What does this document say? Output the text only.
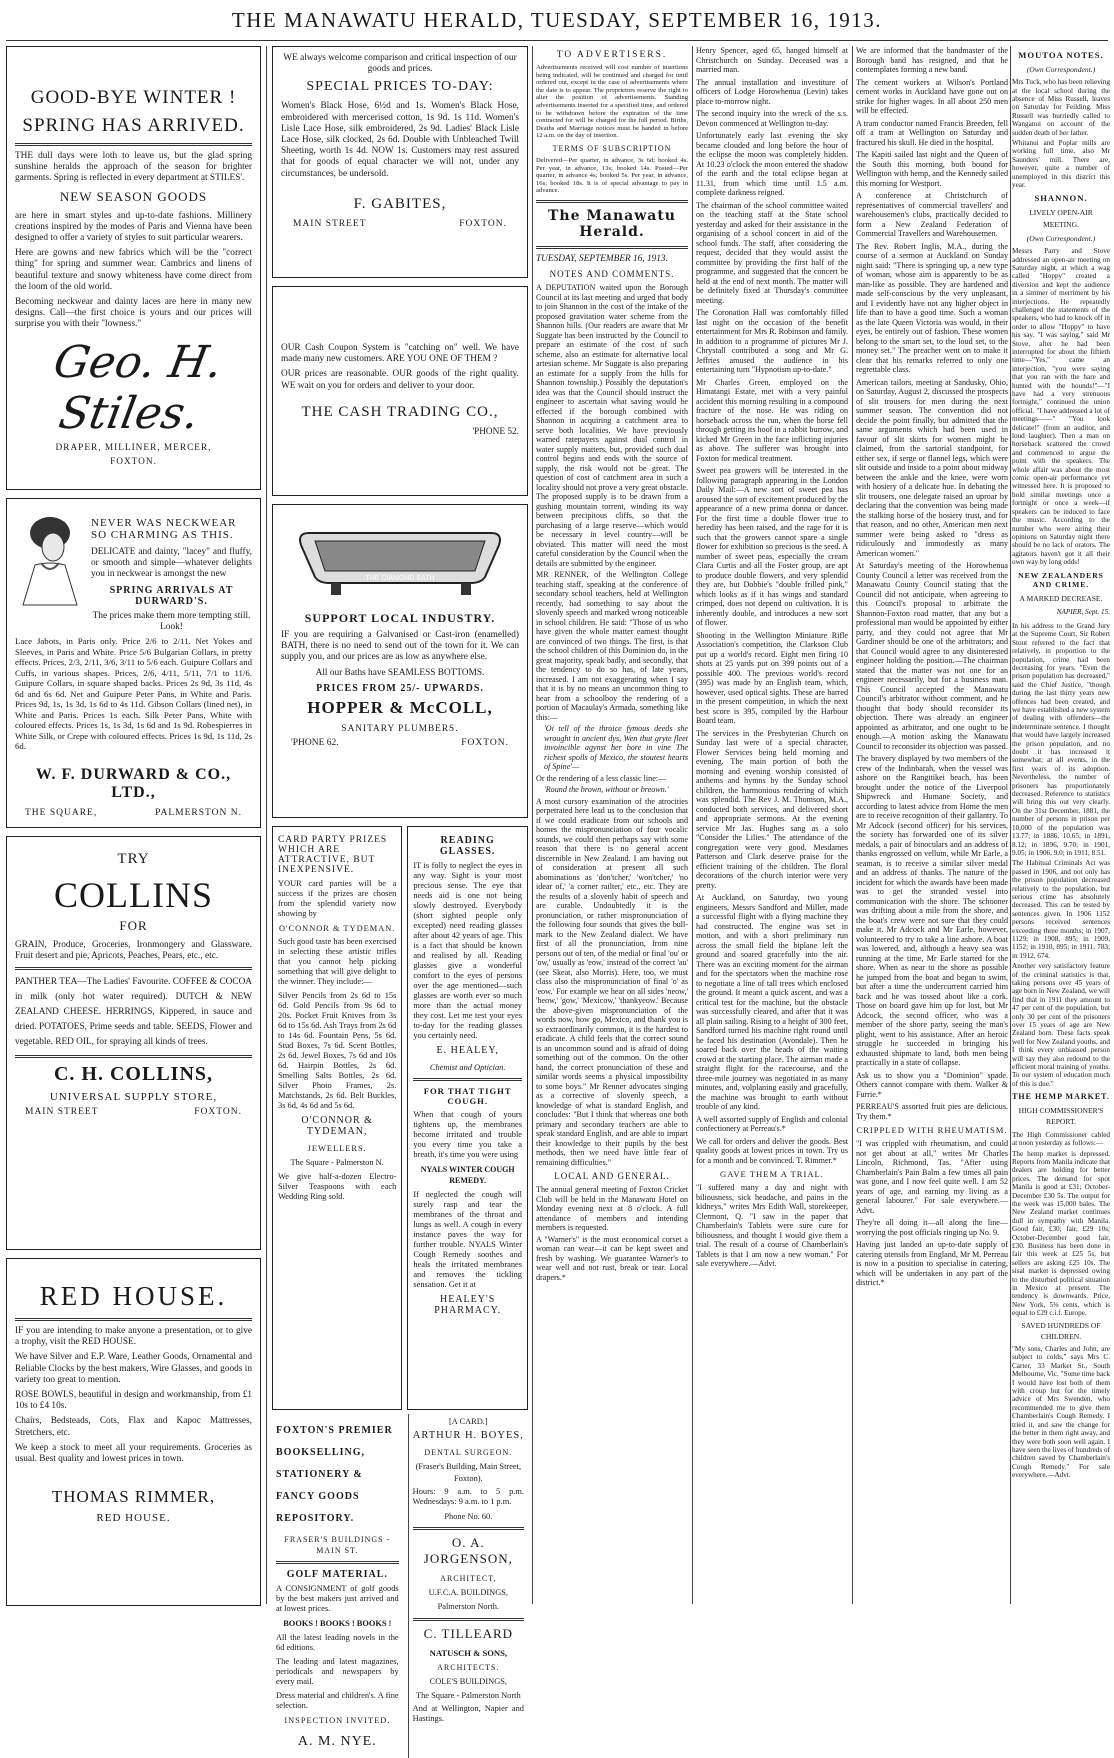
THE MANAWATU HERALD, TUESDAY, SEPTEMBER 16, 1913.
GOOD-BYE WINTER !
SPRING HAS ARRIVED.

THE dull days were loth to leave us, but the glad spring sunshine heralds the approach of the season for brighter garments. Spring is reflected in every department at STILES'.

NEW SEASON GOODS

are here in smart styles and up-to-date fashions. Millinery creations inspired by the modes of Paris and Vienna have been designed to offer a variety of styles to suit particular wearers.

Here are gowns and new fabrics which will be the "correct thing" for spring and summer wear. Cambrics and linens of beautiful texture and snowy whiteness have come direct from the loom of the old world.

Becoming neckwear and dainty laces are here in many new designs. Call—the first choice is yours and our prices will surprise you with their "lowness."

Geo. H. Stiles.
DRAPER, MILLINER, MERCER,
FOXTON.
NEVER WAS NECKWEAR SO CHARMING AS THIS.

DELICATE and dainty, "lacey" and fluffy, or smooth and simple—whatever delights you in neckwear is amongst the new

SPRING ARRIVALS AT DURWARD'S.

The prices make them more tempting still. Look!

Lace Jabots, in Paris only. Price 2/6 to 2/11. Net Yokes and Sleeves, in Paris and White. Price 5/6 Bulgarian Collars, in pretty effects. Prices, 2/3, 2/11, 3/6, 3/11 to 5/6 each. Guipure Collars and Cuffs, in various shapes. Prices, 2/6, 4/11, 5/11, 7/1 to 11/6. Guipure Collars, in square shaped backs. Prices 2s 9d, 3s 11d, 4s 6d and 6s 6d. Net and Guipure Peter Pans, in White and Paris. Prices 9d, 1s, 1s 3d, 1s 6d to 4s 11d. Gibson Collars (lined net), in White and Paris. Prices 1s each. Silk Peter Pans, White with coloured effects. Prices 1s, 1s 3d, 1s 6d and 1s 9d. Robespierres in White Silk, or Crepe with coloured effects. Prices 1s 9d, 1s 11d, 2s 6d.

W. F. DURWARD & CO., LTD.,
THE SQUARE,	PALMERSTON N.
TRY
COLLINS
FOR

GRAIN, Produce, Groceries, Ironmongery and Glassware. Fruit desert and pie, Apricots, Peaches, Pears, etc., etc.

PANTHER TEA—The Ladies' Favourite. COFFEE & COCOA in milk (only hot water required). DUTCH & NEW ZEALAND CHEESE. HERRINGS, Kippered, in sauce and dried. POTATOES, Prime seeds and table. SEEDS, Flower and vegetable. RED OIL, for spraying all kinds of trees.

C. H. COLLINS,
UNIVERSAL SUPPLY STORE,
MAIN STREET	FOXTON.
RED HOUSE.

IF you are intending to make anyone a presentation, or to give a trophy, visit the RED HOUSE.

We have Silver and E.P. Ware, Leather Goods, Ornamental and Reliable Clocks by the best makers, Wire Glasses, and goods in variety too great to mention.

ROSE BOWLS, beautiful in design and workmanship, from £1 10s to £4 10s.

Chairs, Bedsteads, Cots, Flax and Kapoc Mattresses, Stretchers, etc.

We keep a stock to meet all your requirements. Groceries as usual. Best quality and lowest prices in town.

THOMAS RIMMER,
RED HOUSE.

WE always welcome comparison and critical inspection of our goods and prices.

SPECIAL PRICES TO-DAY:

Women's Black Hose, 6½d and 1s. Women's Black Hose, embroidered with mercerised cotton, 1s 9d. 1s 11d. Women's Lisle Lace Hose, silk embroidered, 2s 9d. Ladies' Black Lisle Lace Hose, silk clocked, 2s 6d. Double with Unbleached Twill Sheeting, worth 1s 4d. NOW 1s. Customers may rest assured that for goods of equal character we will not, under any circumstances, be undersold.

F. GABITES,
MAIN STREET	FOXTON.

OUR Cash Coupon System is "catching on" well. We have made many new customers. ARE YOU ONE OF THEM ?

OUR prices are reasonable. OUR goods of the right quality. WE wait on you for orders and deliver to your door.

THE CASH TRADING CO.,
'PHONE 52.
THE DIAMOND BATH
SUPPORT LOCAL INDUSTRY.

IF you are requiring a Galvanised or Cast-iron (enamelled) BATH, there is no need to send out of the town for it. We can supply you, and our prices are as low as anywhere else.

All our Baths have SEAMLESS BOTTOMS.

PRICES FROM 25/- UPWARDS.
HOPPER & McCOLL,
SANITARY PLUMBERS.
'PHONE 62.	FOXTON.
CARD PARTY PRIZES WHICH ARE ATTRACTIVE, BUT INEXPENSIVE.

YOUR card parties will be a success if the prizes are chosen from the splendid variety now showing by

O'CONNOR & TYDEMAN.

Such good taste has been exercised in selecting these artistic trifles that you cannot help picking something that will give delight to the winner. They include:—

Silver Pencils from 2s 6d to 15s 6d. Gold Pencils from 9s 6d to 20s. Pocket Fruit Knives from 3s 6d to 15s 6d. Ash Trays from 2s 6d to 14s 6d. Fountain Pens, 5s 6d. Stud Boxes, 7s 6d. Scent Bottles, 2s 6d. Jewel Boxes, 7s 6d and 10s 6d. Hairpin Bottles, 2s 6d. Smelling Salts Bottles, 2s 6d. Silver Photo Frames, 2s. Matchstands, 2s 6d. Belt Buckles, 3s 6d, 4s 6d and 5s 6d.

O'CONNOR & TYDEMAN,
JEWELLERS.
The Square - Palmerston N.

We give half-a-dozen Electro-Silver Teaspoons with each Wedding Ring sold.

READING GLASSES.

IT is folly to neglect the eyes in any way. Sight is your most precious sense. The eye that needs aid is one not being slowly destroyed. Everybody (short sighted people only excepted) need reading glasses after about 42 years of age. This is a fact that should be known and realised by all. Reading glasses give a wonderful comfort to the eyes of persons over the age mentioned—such glasses are worth ever so much more than the actual money they cost. Let me test your eyes to-day for the reading glasses you certainly need.

E. HEALEY,
Chemist and Optician.
FOR THAT TIGHT COUGH.

When that cough of yours tightens up, the membranes become irritated and trouble you every time you take a breath, it's time you were using

NYALS WINTER COUGH REMEDY.

If neglected the cough will surely rasp and tear the membranes of the throat and lungs as well. A cough in every instance paves the way for further trouble. NYALS Winter Cough Remedy soothes and heals the irritated membranes and removes the tickling sensation. Get it at

HEALEY'S PHARMACY.
FOXTON'S PREMIER BOOKSELLING, STATIONERY & FANCY GOODS REPOSITORY.
FRASER'S BUILDINGS - MAIN ST.
GOLF MATERIAL.

A CONSIGNMENT of golf goods by the best makers just arrived and at lowest prices.

BOOKS ! BOOKS ! BOOKS !

All the latest leading novels in the 6d editions.

The leading and latest magazines, periodicals and newspapers by every mail.

Dress material and children's. A fine selection.

INSPECTION INVITED.
A. M. NYE.
[A CARD.]
ARTHUR H. BOYES,
DENTAL SURGEON.
(Fraser's Building, Main Street, Foxton).

Hours: 9 a.m. to 5 p.m. Wednesdays: 9 a.m. to 1 p.m.

Phone No. 60.
O. A. JORGENSON,
ARCHITECT,
U.F.C.A. BUILDINGS,
Palmerston North.
C. TILLEARD
NATUSCH & SONS,
ARCHITECTS.
COLE'S BUILDINGS,
The Square - Palmerston North

And at Wellington, Napier and Hastings.

TO ADVERTISERS.

Advertisements received will cost number of insertions being indicated, will be continued and charged for until ordered out, except in the case of advertisements where the date is to appear. The proprietors reserve the right to alter the position of advertisements. Standing advertisements inserted for a specified time, and ordered to be withdrawn before the expiration of the time contracted for will be charged for the full period. Births, Deaths and Marriage notices must be handed in before 12 a.m. on the day of insertion.

TERMS OF SUBSCRIPTION

Delivered—Per quarter, in advance, 3s 6d; booked 4s. Per year, in advance, 13s; booked 14s. Posted—Per quarter, in advance 4s; booked 5s. Per year, in advance, 16s; booked 18s. It is of special advantage to pay in advance.

The Manawatu Herald.
TUESDAY, SEPTEMBER 16, 1913.
NOTES AND COMMENTS.

A DEPUTATION waited upon the Borough Council at its last meeting and urged that body to join Shannon in the cost of the intake of the proposed gravitation water scheme from the Shannon hills. (Our readers are aware that Mr Suggate has been instructed by the Council to prepare an estimate of the cost of such scheme, also an estimate for alternative local artesian scheme. Mr Suggate is also preparing an estimate for a supply from the hills for Shannon township.) Possibly the deputation's idea was that the Council should instruct the engineer to ascertain what saving would be effected if the borough combined with Shannon in acquiring a catchment area to serve both localities. We have previously warned ratepayers against dual control in water supply matters, but, provided such dual control begins and ends with the source of supply, the risk would not be great. The question of cost of catchment area in such a locality should not prove a very great obstacle. The proposed supply is to be drawn from a gushing mountain torrent, winding its way between precipitous cliffs, so that the purchasing of a large reserve—which would be necessary in level country—will be obviated. This matter will need the most careful consideration by the Council when the details are submitted by the engineer.

MR RENNER, of the Wellington College teaching staff, speaking at the conference of secondary school teachers, held at Wellington recently, had something to say about the slovenly speech and marked wrong noticeable in school children. He said: "Those of us who have given the whole matter earnest thought are convinced of two things. The first, is that the school children of this Dominion do, in the great majority, speak badly, and secondly, that the tendency to do so has, of late years, increased. I am not exaggerating when I say that it is by no means an uncommon thing to hear from a schoolboy the rendering of a portion of Macaulay's Armada, something like this:—

'Oi tell of the throice fymous deeds she wrought in ancient dys, Wen thut gryte fleet invoincible agynst her bore in vine The richest spoils of Mexico, the stoutest hearts of Spine'—

Or the rendering of a less classic line:—

'Round the brown, without or breown.'

A most cursory examination of the atrocities perpetrated here lead us to the conclusion that if we could eradicate from our schools and homes the mispronunciation of four vocalic sounds, we could then perhaps say with some reason that there is no general accent discernible in New Zealand. I am having out of consideration at present all such abominations as 'don'tcher,' 'won'tcher,' 'no idear of,' 'a corner railter,' etc., etc. They are the results of a slovenly habit of speech and are curable. Undoubtedly it is the pronunciation, or rather mispronunciation of the following four sounds that gives the bull-mark to the New Zealand dialect. We have first of all the pronunciation, from nine persons out of ten, of the medial or final 'ou' or 'ow,' usually as 'eow,' instead of the correct 'au' (see Skeat, also Morris). Here, too, we must class also the mispronunciation of final 'o' as 'eow.' For example we hear on all sides 'neow,' 'heow,' 'gow,' 'Mexicow,' 'thankyeow.' Because the above-given mispronunciation of the words now, how go, Mexico, and thank you is so extraordinarily common, it is the hardest to eradicate. A child feels that the correct sound is an uncommon sound and is afraid of doing something out of the common. On the other hand, the correct pronunciation of these and similar words seems a physical impossibility to some boys." Mr Renner advocates singing as a corrective of slovenly speech, a knowledge of what is standard English, and concludes: "But I think that whereas one both primary and secondary teachers are able to speak standard English, and are able to impart their knowledge to their pupils by the best methods, then we need have little fear of remaining difficulties."

LOCAL AND GENERAL.

The annual general meeting of Foxton Cricket Club will be held in the Manawatu Hotel on Monday evening next at 8 o'clock. A full attendance of members and intending members is requested.

A "Warner's" is the most economical corset a woman can wear—it can be kept sweet and fresh by washing. We guarantee Warner's to wear well and not rust, break or tear. Local drapers.*

Henry Spencer, aged 65, hanged himself at Christchurch on Sunday. Deceased was a married man.

The annual installation and investiture of officers of Lodge Horowhenua (Levin) takes place to-morrow night.

The second inquiry into the wreck of the s.s. Devon commenced at Wellington to-day.

Unfortunately early last evening the sky became clouded and long before the hour of the eclipse the moon was completely hidden. At 10.23 o'clock the moon entered the shadow of the earth and the total eclipse began at 11.31, from which time until 1.5 a.m. complete darkness reigned.

The chairman of the school committee waited on the teaching staff at the State school yesterday and asked for their assistance in the organising of a school concert in aid of the school funds. The staff, after considering the request, decided that they would assist the committee by providing the first half of the programme, and suggested that the concert be held at the end of next month. The matter will be definitely fixed at Thursday's committee meeting.

The Coronation Hall was comfortably filled last night on the occasion of the benefit entertainment for Mrs R. Robinson and family. In addition to a programme of pictures Mr J. Chrystall contributed a song and Mr G. Jeffries amused the audience in his entertaining turn "Hypnotism up-to-date."

Mr Charles Green, employed on the Himatangi Estate, met with a very painful accident this morning resulting in a compound fracture of the nose. He was riding on horseback across the run, when the horse fell through getting its hoof in a rabbit burrow, and kicked Mr Green in the face inflicting injuries as above. The sufferer was brought into Foxton for medical treatment.

Sweet pea growers will be interested in the following paragraph appearing in the London Daily Mail:—A new sort of sweet pea has aroused the sort of excitement produced by the appearance of a new prima donna or dancer. For the first time a double flower true to heredity has been raised, and the rage for it is such that the growers cannot spare a single flower for exhibition so precious is the seed. A number of sweet peas, especially the cream Clara Curtis and all the Foster group, are apt to produce double flowers, and very splendid they are, but Dobbie's "double frilled pink," which looks as if it has wings and standard crimped, does not depend on cultivation. It is inherently double, and introduces a new sort of flower.

Shooting in the Wellington Miniature Rifle Association's competition, the Clarkson Club put up a world's record. Eight men firing 10 shots at 25 yards put on 399 points out of a possible 400. The previous world's record (395) was made by an English team, which, however, used optical sights. These are barred in the present competition, in which the next best score is 395, compiled by the Harbour Board team.

The services in the Presbyterian Church on Sunday last were of a special character, Flower Services being held morning and evening. The main portion of both the morning and evening worship consisted of anthems and hymns by the Sunday school children, the harmonious rendering of which was splendid. The Rev J. M. Thomson, M.A., conducted both services, and delivered short and appropriate sermons. At the evening service Mr Jas. Hughes sang as a solo "Consider the Lilies." The attendance of the congregation were very good. Mesdames Patterson and Clark deserve praise for the efficient training of the children. The floral decorations of the church interior were very pretty.

At Auckland, on Saturday, two young engineers, Messrs Sandford and Miller, made a successful flight with a flying machine they had constructed. The engine was set in motion, and with a short preliminary run across the small field the biplane left the ground and soared gracefully into the air. There was an exciting moment for the airman and for the spectators when the machine rose to negotiate a line of tall trees which enclosed the ground. It meant a quick ascent, and was a critical test for the machine, but the obstacle was successfully cleared, and after that it was all plain sailing. Rising to a height of 300 feet, Sandford turned his machine right round until he faced his destination (Avondale). Then he soared back over the heads of the waiting crowd at the starting place. The airman made a straight flight for the racecourse, and the three-mile journey was negotiated in as many minutes, and, volplaning easily and gracefully, the machine was brought to earth without trouble of any kind.

A well assorted supply of English and colonial confectionery at Perreau's.*

We call for orders and deliver the goods. Best quality goods at lowest prices in town. Try us for a month and be convinced. T. Rimmer.*

GAVE THEM A TRIAL.

"I suffered many a day and night with biliousness, sick headache, and pains in the kidneys," writes Mrs Edith Wall, storekeeper, Clermont, Q. "I saw in the paper that Chamberlain's Tablets were sure cure for biliousness, and thought I would give them a trial. The result of a course of Chamberlain's Tablets is that I am now a new woman." For sale everywhere.—Advt.

We are informed that the bandmaster of the Borough band has resigned, and that he contemplates forming a new band.

The cement workers at Wilson's Portland cement works in Auckland have gone out on strike for higher wages. In all about 250 men will be effected.

A tram conductor named Francis Breeden, fell off a tram at Wellington on Saturday and fractured his skull. He died in the hospital.

The Kapiti sailed last night and the Queen of the South this morning, both bound for Wellington with hemp, and the Kennedy sailed this morning for Westport.

A conference at Christchurch of representatives of commercial travellers' and warehousemen's clubs, practically decided to form a New Zealand Federation of Commercial Travellers and Warehousemen.

The Rev. Robert Inglis, M.A., during the course of a sermon at Auckland on Sunday night said: "There is springing up, a new type of woman, whose aim is apparently to be as man-like as possible. They are hardened and made self-conscious by the very unpleasant, and I evidently have not any higher object in life than to have a good time. Such a woman as the late Queen Victoria was would, in their eyes, be entirely out of fashion. These women belong to the smart set, to the loud set, to the money set." The preacher went on to make it clear that his remarks referred to only one regrettable class.

American tailors, meeting at Sandusky, Ohio, on Saturday, August 2, discussed the prospects of slit trousers for men during the next summer season. The convention did not decide the point finally, but admitted that the same arguments which had been used in favour of slit skirts for women might be claimed, from the sartorial standpoint, for either sex, if serge or flannel legs, which were slit outside and inside to a point about midway between the ankle and the knee, were worn with hosiery of a delicate hue. In debating the slit trousers, one delegate raised an uproar by declaring that the convention was being made the stalking horse of the hosiery trust, and for that reason, and no other, American men next summer were being asked to "dress as ridiculously and immodestly as many American women."

At Saturday's meeting of the Horowhenua County Council a letter was received from the Manawatu County Council stating that the Council did not anticipate, when agreeing to this Council's proposal to arbitrate the Shannon-Foxton road matter, that any but a professional man would be appointed by either party, and they could not agree that Mr Gardiner should be one of the arbitrators; and that Council would agree to any disinterested engineer holding the position.—The chairman stated that the matter was not one for an engineer necessarily, but for a business man. This Council accepted the Manawatu Council's arbitrator without comment, and he thought that body should reconsider its objection. There was already an engineer appointed as arbitrator, and one ought to be enough.—A motion asking the Manawatu Council to reconsider its objection was passed.

The bravery displayed by two members of the crew of the Indinbarah, when the vessel was ashore on the Rangitikei beach, has been brought under the notice of the Liverpool Shipwreck and Humane Society, and according to latest advice from Home the men are to receive recognition of their gallantry. To Mr Adcock (second officer) for his services, the society has forwarded one of its silver medals, a pair of binoculars and an address of thanks engrossed on vellum, while Mr Earle, a seaman, is to receive a similar silver medal and an address of thanks. The nature of the incident for which the awards have been made was to get the stranded vessel into communication with the shore. The schooner was drifting about a mile from the shore, and the boat's crew were not sure that they could make it. Mr Adcock and Mr Earle, however, volunteered to try to take a line ashore. A boat was lowered, and, although a heavy sea was running at the time, Mr Earle started for the shore. When as near to the shore as possible he jumped from the boat and began to swim, but after a time the undercurrent carried him back and he was tossed about like a cork. Those on board gave him up for lost, but Mr Adcock, the second officer, who was a member of the shore party, seeing the man's plight, went to his assistance. After an heroic struggle he succeeded in bringing his exhausted shipmate to land, both men being practically in a state of collapse.

Ask us to show you a "Dominion" spade. Others cannot compare with them. Walker & Furrie.*

PERREAU'S assorted fruit pies are delicious. Try them.*

CRIPPLED WITH RHEUMATISM.

"I was crippled with rheumatism, and could not get about at all," writes Mr Charles Lincoln, Richmond, Tas. "After using Chamberlain's Pain Balm a few times all pain was gone, and I now feel quite well. I am 52 years of age, and earning my living as a general labourer." For sale everywhere.—Advt.

They're all doing it—all along the line—worrying the post officials ringing up No. 9.

Having just landed an up-to-date supply of catering utensils from England, Mr M. Perreau is now in a position to specialise in catering, which will be undertaken in any part of the district.*

MOUTOA NOTES.
(Own Correspondent.)

Mrs Tuck, who has been relieving at the local school during the absence of Miss Russell, leaves on Saturday for Feilding. Miss Russell was hurriedly called to Wanganui on account of the sudden death of her father.

Whitanui and Poplar mills are working full time, also Mr Saunders' mill. There are, however, quite a number of unemployed in this district this year.

SHANNON.
LIVELY OPEN-AIR MEETING.
(Own Correspondent.)

Messrs Parry and Stove addressed an open-air meeting on Saturday night, at which a wag called "Hoppy" created a diversion and kept the audience in a simmer of merriment by his interjections. He repeatedly challenged the statements of the speakers, who had to knock off in order to allow "Hoppy" to have his say. "I was saying," said Mr Stove, after he had been interrupted for about the fiftieth time—"Yes," came an interjection, "you were saying that you ran with the hare and hunted with the hounds!"—"I have had a very strenuous fortnight," continued the union official. "I have addressed a lot of meetings——" "You look delicate!" (from an auditor, and loud laughter). Then a man on horseback scattered the crowd and commenced to argue the point with the speakers. The whole affair was about the most comic open-air performance yet witnessed here. It is proposed to hold similar meetings once a fortnight or once a week—if speakers can be induced to face the music. According to the number who were airing their opinions on Saturday night there should be no lack of orators. The agitators haven't got it all their own way by long odds!

NEW ZEALANDERS AND CRIME.
A MARKED DECREASE.
NAPIER, Sept. 15.

In his address to the Grand Jury at the Supreme Court, Sir Robert Stout referred to the fact that relatively, in proportion to the population, crime had been decreasing for years. "Even the prison population has decreased," said the Chief Justice, "though during the last thirty years new offences had been created, and we have established a new system of dealing with offenders—the indeterminate sentence. I thought that would have largely increased the prison population, and no doubt it has increased it somewhat; at all events, in the first years of its adoption. Nevertheless, the number of prisoners has proportionately decreased. Reference to statistics will bring this out very clearly. On the 31st December, 1881, the number of persons in prison per 10,000 of the population was 13.77; in 1886, 10.65; in 1891, 8.12; in 1896, 9.70; in 1901, 9.05; in 1906, 9.0; in 1911, 8.51.

The Habitual Criminals Act was passed in 1906, and not only has the prison population decreased relatively to the population, but serious crime has absolutely decreased. This can be tested by sentences given. In 1906 1152 persons received sentences exceeding three months; in 1907, 1129; in 1908, 895; in 1909, 1152; in 1910, 895; in 1911, 783; in 1912, 674.

Another very satisfactory feature of the criminal statistics is that, taking persons over 45 years of age born in New Zealand, we will find that in 1911 they amount to 47 per cent of the population, but only 30 per cent of the prisoners over 15 years of age are New Zealand born. These facts speak well for New Zealand youths, and I think every unbiassed person will say they also redound to the efficient moral training of youths. To our system of education much of this is due."

THE HEMP MARKET.
HIGH COMMISSIONER'S REPORT.

The High Commissioner cabled at noon yesterday as follows:—

The hemp market is depressed. Reports from Manila indicate that dealers are holding for better prices. The demand for spot Manila is good at £31; October-December £30 5s. The output for the week was 15,000 bales. The New Zealand market continues dull in sympathy with Manila. Good fair, £30; fair, £29 10s; October-December good fair, £30. Business has been done in fair this week at £25 5s, but sellers are asking £25 10s. The sisal market is depressed owing to the disturbed political situation in Mexico at present. The tendency is downwards. Price, New York, 5⅜ cents, which is equal to £29 c.i.f. Europe.

SAVED HUNDREDS OF CHILDREN.

"My sons, Charles and John, are subject to colds," says Mrs C. Carter, 33 Market St., South Melbourne, Vic. "Some time back I would have lost both of them with croup but for the timely advice of Mrs Swenden, who recommended me to give them Chamberlain's Cough Remedy. I tried it, and saw the change for the better in them right away, and they were both soon well again. I have seen the lives of hundreds of children saved by Chamberlain's Cough Remedy." For sale everywhere.—Advt.
